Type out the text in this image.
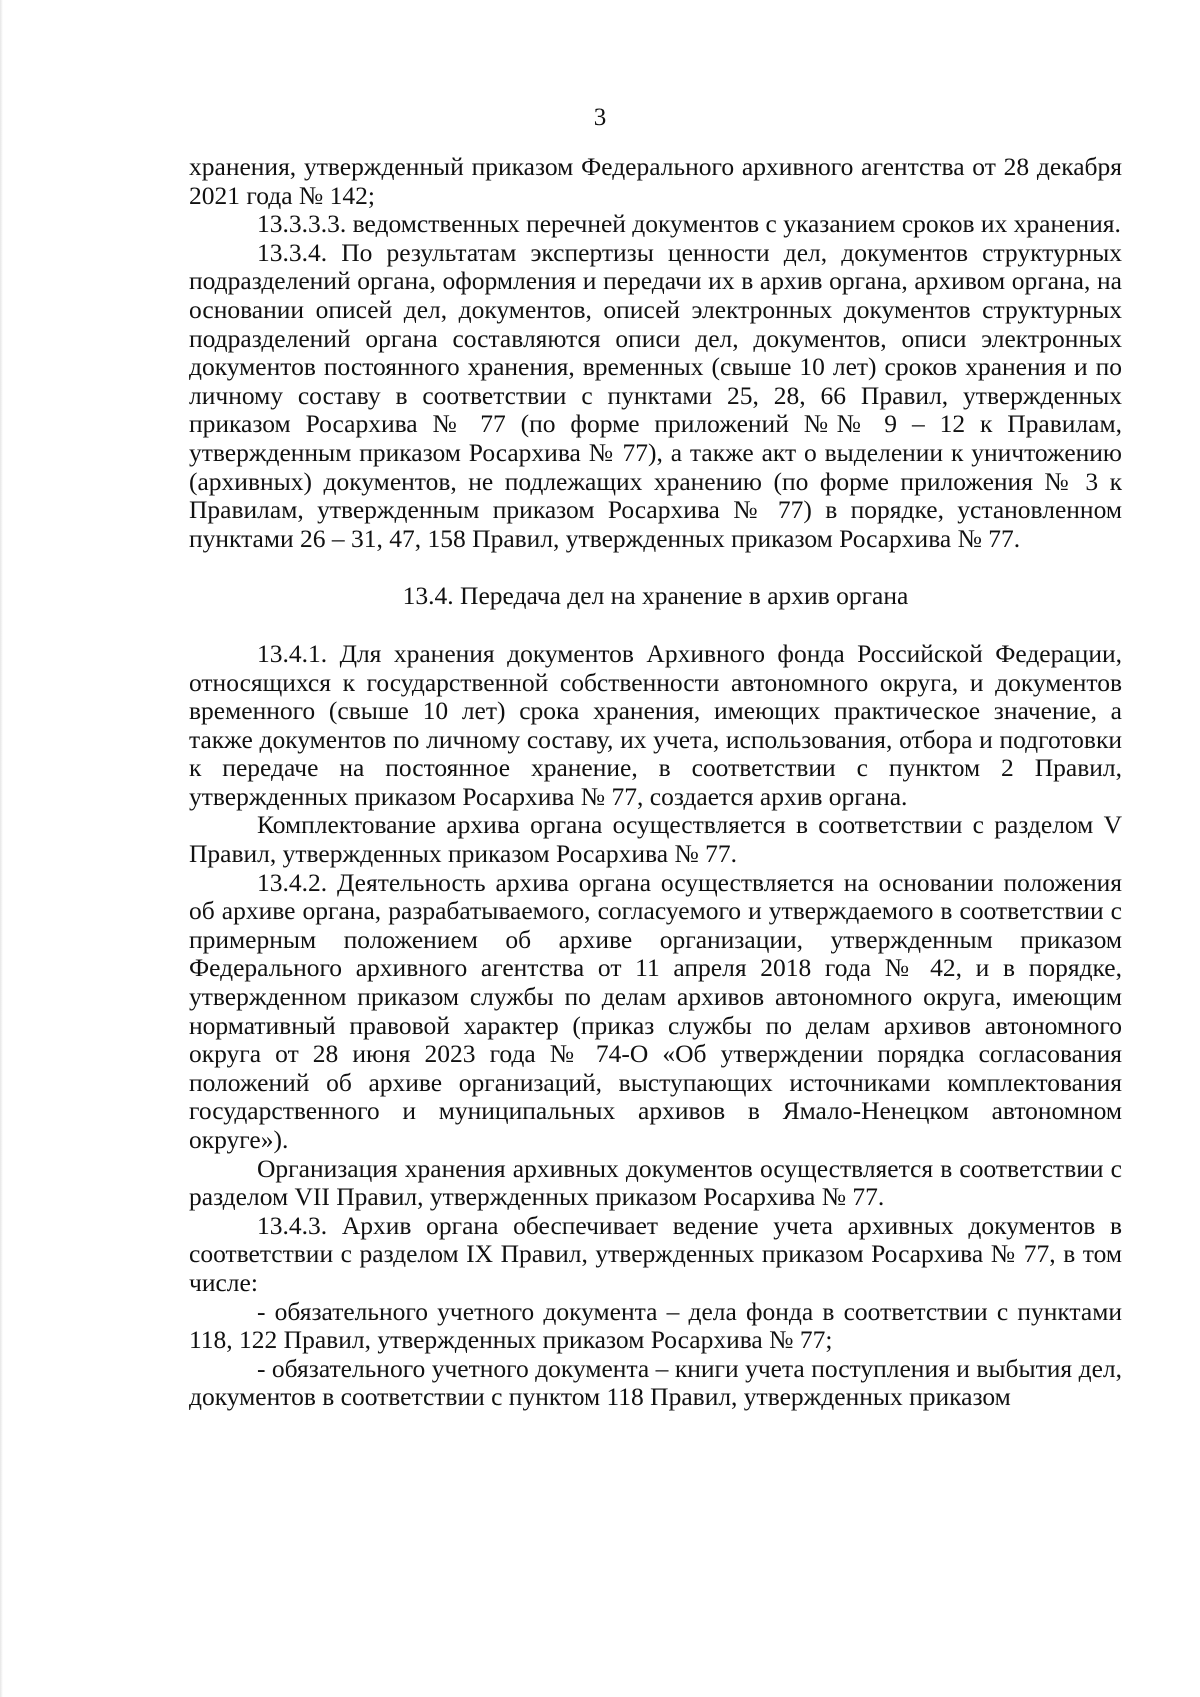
3

хранения, утвержденный приказом Федерального архивного агентства от 28 декабря 2021 года № 142;

13.3.3.3. ведомственных перечней документов с указанием сроков их хранения.

13.3.4. По результатам экспертизы ценности дел, документов структурных подразделений органа, оформления и передачи их в архив органа, архивом органа, на основании описей дел, документов, описей электронных документов структурных подразделений органа составляются описи дел, документов, описи электронных документов постоянного хранения, временных (свыше 10 лет) сроков хранения и по личному составу в соответствии с пунктами 25, 28, 66 Правил, утвержденных приказом Росархива № 77 (по форме приложений №№ 9 – 12 к Правилам, утвержденным приказом Росархива № 77), а также акт о выделении к уничтожению (архивных) документов, не подлежащих хранению (по форме приложения № 3 к Правилам, утвержденным приказом Росархива № 77) в порядке, установленном пунктами 26 – 31, 47, 158 Правил, утвержденных приказом Росархива № 77.

13.4. Передача дел на хранение в архив органа

13.4.1. Для хранения документов Архивного фонда Российской Федерации, относящихся к государственной собственности автономного округа, и документов временного (свыше 10 лет) срока хранения, имеющих практическое значение, а также документов по личному составу, их учета, использования, отбора и подготовки к передаче на постоянное хранение, в соответствии с пунктом 2 Правил, утвержденных приказом Росархива № 77, создается архив органа.

Комплектование архива органа осуществляется в соответствии с разделом V Правил, утвержденных приказом Росархива № 77.

13.4.2. Деятельность архива органа осуществляется на основании положения об архиве органа, разрабатываемого, согласуемого и утверждаемого в соответствии с примерным положением об архиве организации, утвержденным приказом Федерального архивного агентства от 11 апреля 2018 года № 42, и в порядке, утвержденном приказом службы по делам архивов автономного округа, имеющим нормативный правовой характер (приказ службы по делам архивов автономного округа от 28 июня 2023 года № 74-О «Об утверждении порядка согласования положений об архиве организаций, выступающих источниками комплектования государственного и муниципальных архивов в Ямало-Ненецком автономном округе»).

Организация хранения архивных документов осуществляется в соответствии с разделом VII Правил, утвержденных приказом Росархива № 77.

13.4.3. Архив органа обеспечивает ведение учета архивных документов в соответствии с разделом IX Правил, утвержденных приказом Росархива № 77, в том числе:

- обязательного учетного документа – дела фонда в соответствии с пунктами 118, 122 Правил, утвержденных приказом Росархива № 77;

- обязательного учетного документа – книги учета поступления и выбытия дел, документов в соответствии с пунктом 118 Правил, утвержденных приказом
